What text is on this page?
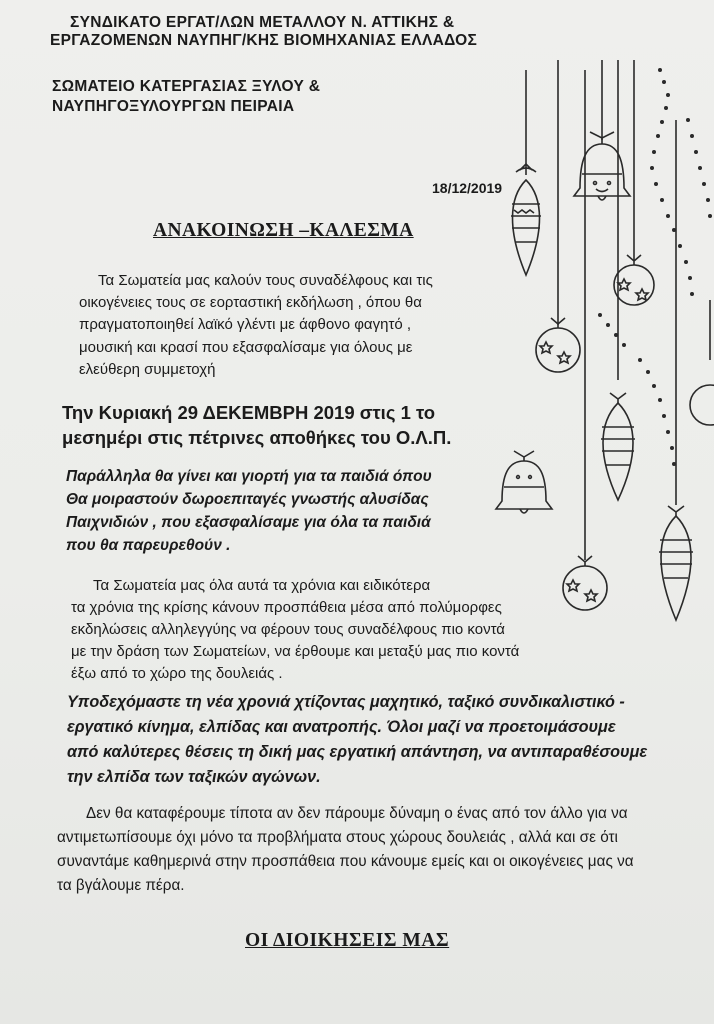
ΣΥΝΔΙΚΑΤΟ ΕΡΓΑΤ/ΛΩΝ ΜΕΤΑΛΛΟΥ Ν. ΑΤΤΙΚΗΣ &
ΕΡΓΑΖΟΜΕΝΩΝ ΝΑΥΠΗΓ/ΚΗΣ ΒΙΟΜΗΧΑΝΙΑΣ ΕΛΛΑΔΟΣ
ΣΩΜΑΤΕΙΟ ΚΑΤΕΡΓΑΣΙΑΣ ΞΥΛΟΥ &
ΝΑΥΠΗΓΟΞΥΛΟΥΡΓΩΝ ΠΕΙΡΑΙΑ
18/12/2019
ΑΝΑΚΟΙΝΩΣΗ –ΚΑΛΕΣΜΑ
Τα Σωματεία μας καλούν τους συναδέλφους και τις
οικογένειες τους σε εορταστική εκδήλωση , όπου θα
πραγματοποιηθεί λαϊκό γλέντι με άφθονο φαγητό ,
μουσική και κρασί που εξασφαλίσαμε για όλους με
ελεύθερη συμμετοχή
Την Κυριακή 29 ΔΕΚΕΜΒΡΗ 2019 στις 1 το
μεσημέρι στις πέτρινες αποθήκες του Ο.Λ.Π.
Παράλληλα θα γίνει και γιορτή για τα παιδιά όπου
Θα μοιραστούν δωροεπιταγές γνωστής αλυσίδας
Παιχνιδιών , που εξασφαλίσαμε για όλα τα παιδιά
που θα παρευρεθούν .
Τα Σωματεία μας όλα αυτά τα χρόνια και ειδικότερα
τα χρόνια της κρίσης κάνουν προσπάθεια μέσα από πολύμορφες
εκδηλώσεις αλληλεγγύης να φέρουν τους συναδέλφους πιο κοντά
με την δράση των Σωματείων, να έρθουμε και μεταξύ μας πιο κοντά
έξω από το χώρο της δουλειάς .
Υποδεχόμαστε τη νέα χρονιά χτίζοντας μαχητικό, ταξικό συνδικαλιστικό -
εργατικό κίνημα, ελπίδας και ανατροπής. Όλοι μαζί να προετοιμάσουμε
από καλύτερες θέσεις τη δική μας εργατική απάντηση, να αντιπαραθέσουμε
την ελπίδα των ταξικών αγώνων.
Δεν θα καταφέρουμε τίποτα αν δεν πάρουμε δύναμη ο ένας από τον άλλο για να
αντιμετωπίσουμε όχι μόνο τα προβλήματα στους χώρους δουλειάς , αλλά και σε ότι
συναντάμε καθημερινά στην προσπάθεια που κάνουμε εμείς και οι οικογένειες μας να
τα βγάλουμε πέρα.
ΟΙ ΔΙΟΙΚΗΣΕΙΣ ΜΑΣ
